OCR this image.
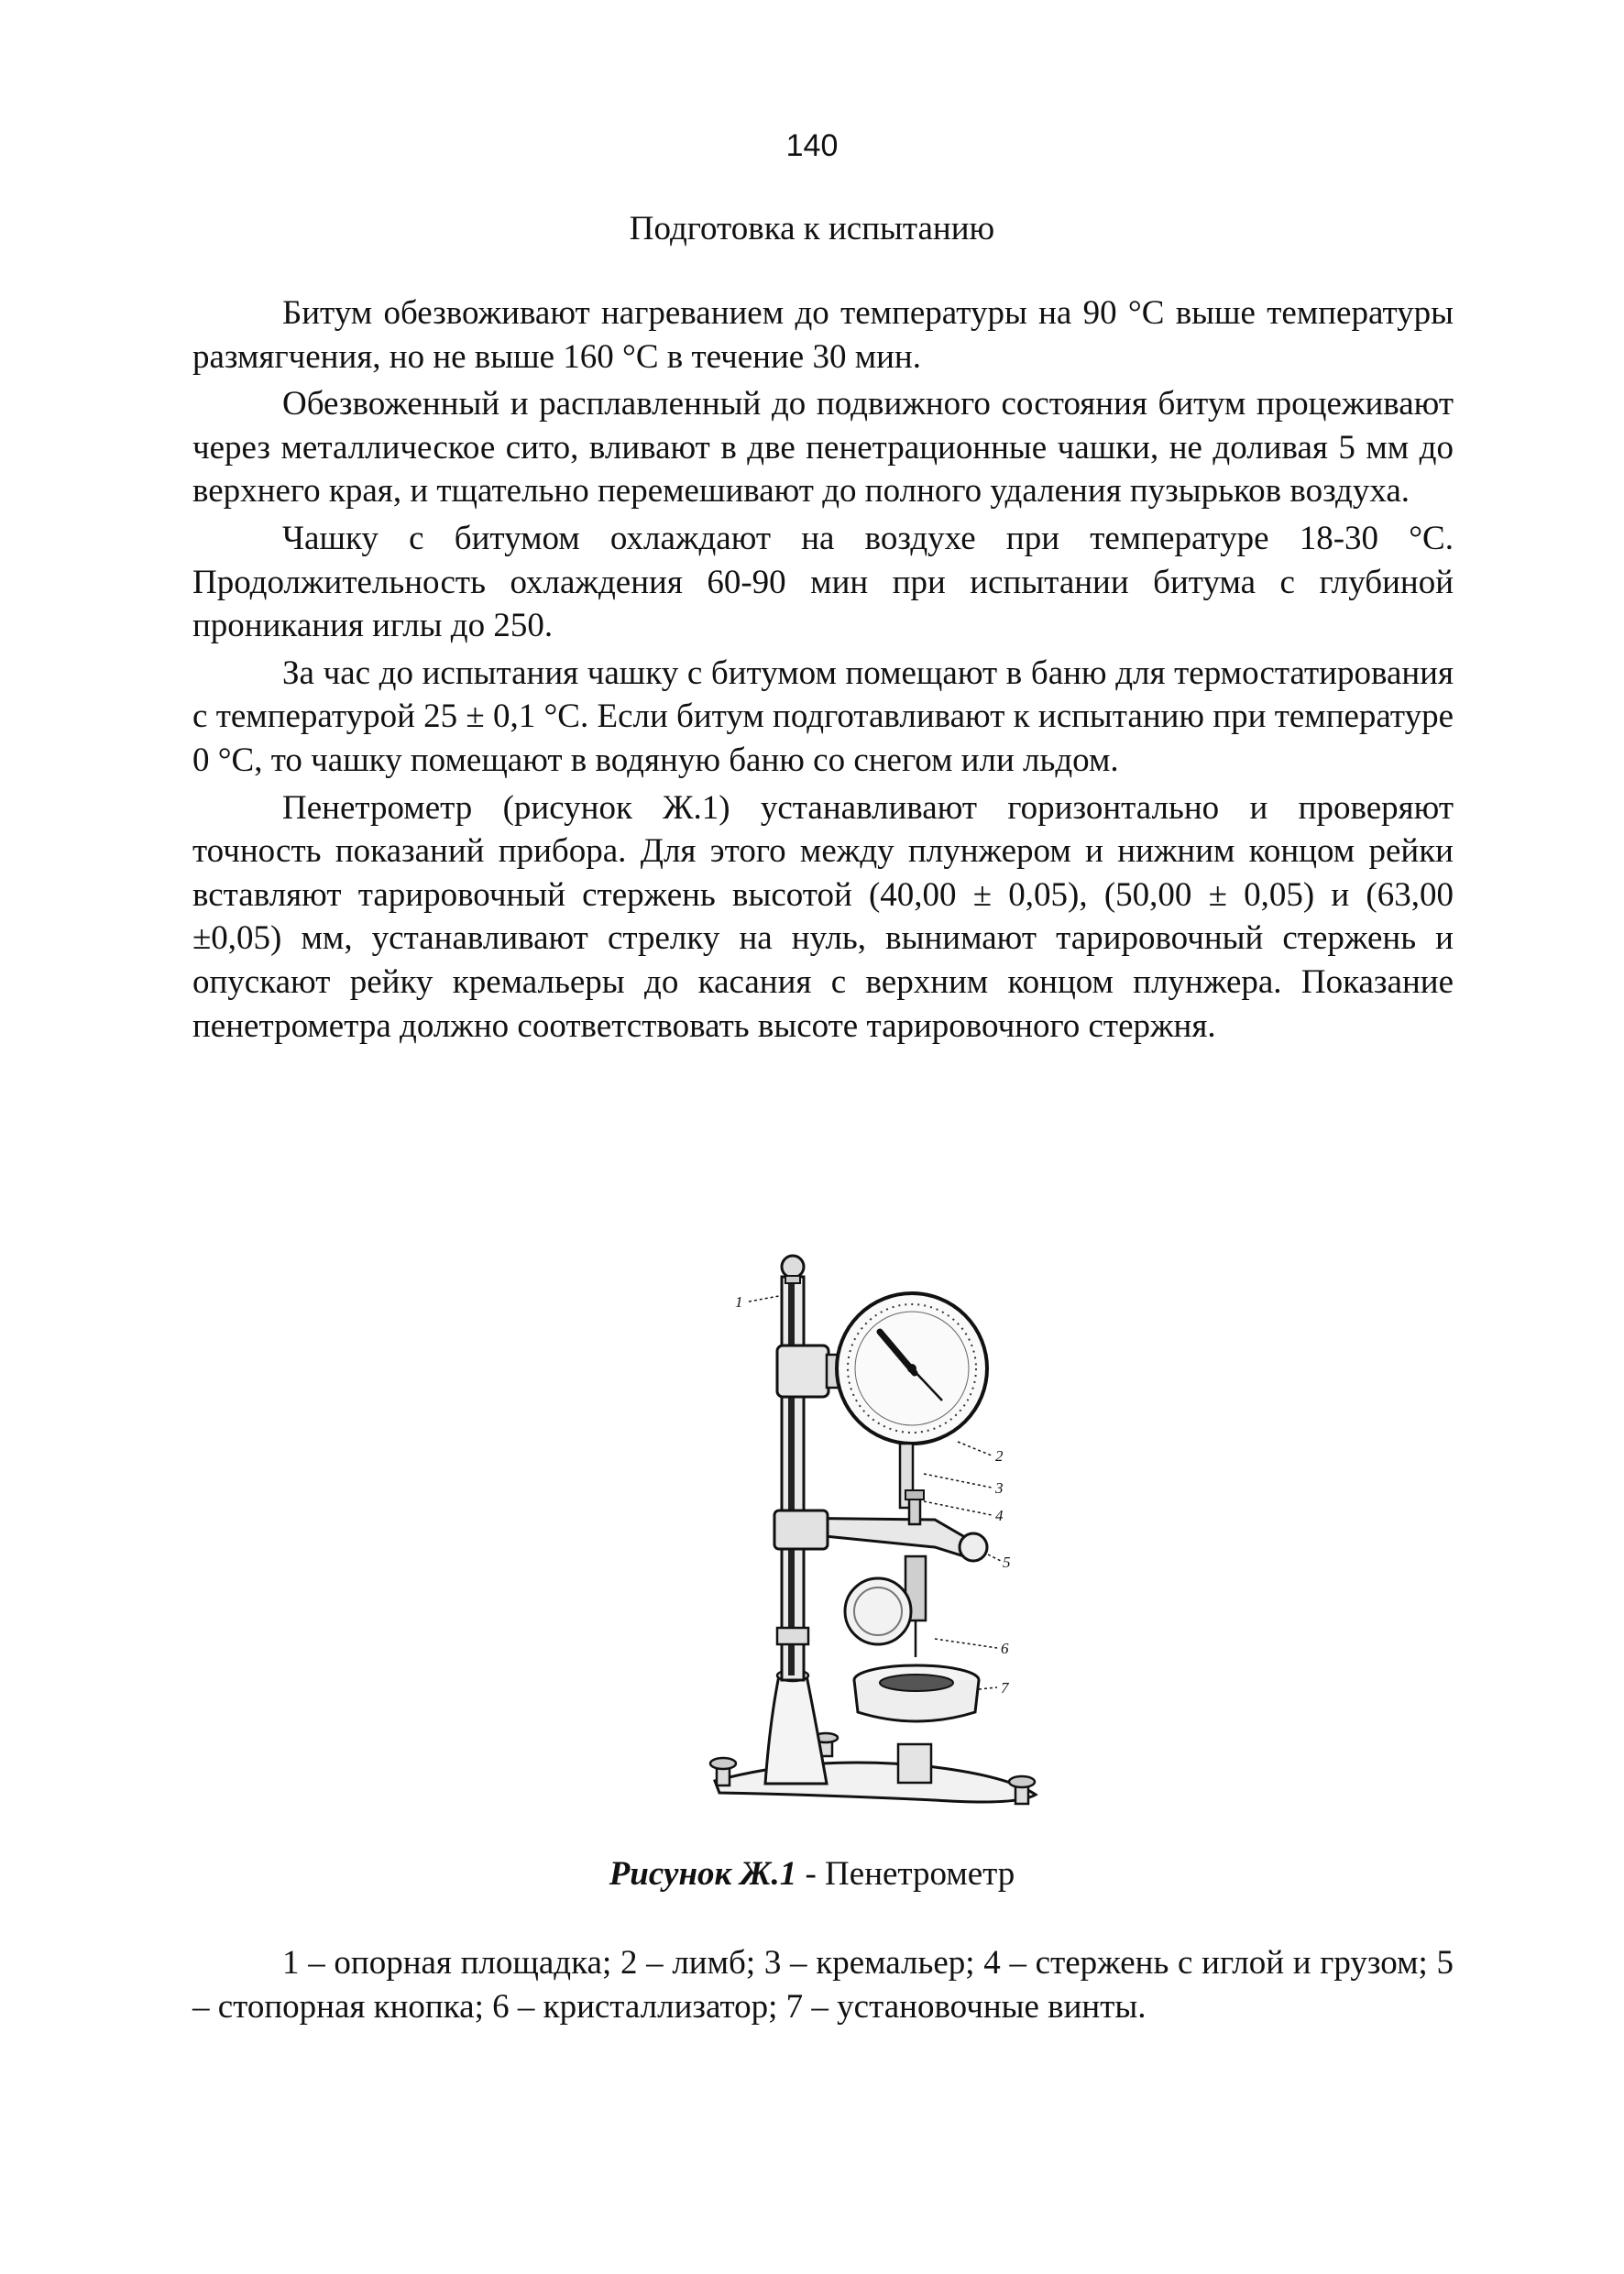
140
Подготовка к испытанию

Битум обезвоживают нагреванием до температуры на 90 °С выше температуры размягчения, но не выше 160 °С в течение 30 мин.

Обезвоженный и расплавленный до подвижного состояния битум процеживают через металлическое сито, вливают в две пенетрационные чашки, не доливая 5 мм до верхнего края, и тщательно перемешивают до полного удаления пузырьков воздуха.

Чашку с битумом охлаждают на воздухе при температуре 18-30 °С. Продолжительность охлаждения 60-90 мин при испытании битума с глубиной проникания иглы до 250.

За час до испытания чашку с битумом помещают в баню для термостатирования с температурой 25 ± 0,1 °С. Если битум подготавливают к испытанию при температуре 0 °С, то чашку помещают в водяную баню со снегом или льдом.

Пенетрометр (рисунок Ж.1) устанавливают горизонтально и проверяют точность показаний прибора. Для этого между плунжером и нижним концом рейки вставляют тарировочный стержень высотой (40,00 ± 0,05), (50,00 ± 0,05) и (63,00 ±0,05) мм, устанавливают стрелку на нуль, вынимают тарировочный стержень и опускают рейку кремальеры до касания с верхним концом плунжера. Показание пенетрометра должно соответствовать высоте тарировочного стержня.

1
2
3
4
5
6
7
Рисунок Ж.1 - Пенетрометр
1 – опорная площадка; 2 – лимб; 3 – кремальер; 4 – стержень с иглой и грузом; 5 – стопорная кнопка; 6 – кристаллизатор; 7 – установочные винты.
